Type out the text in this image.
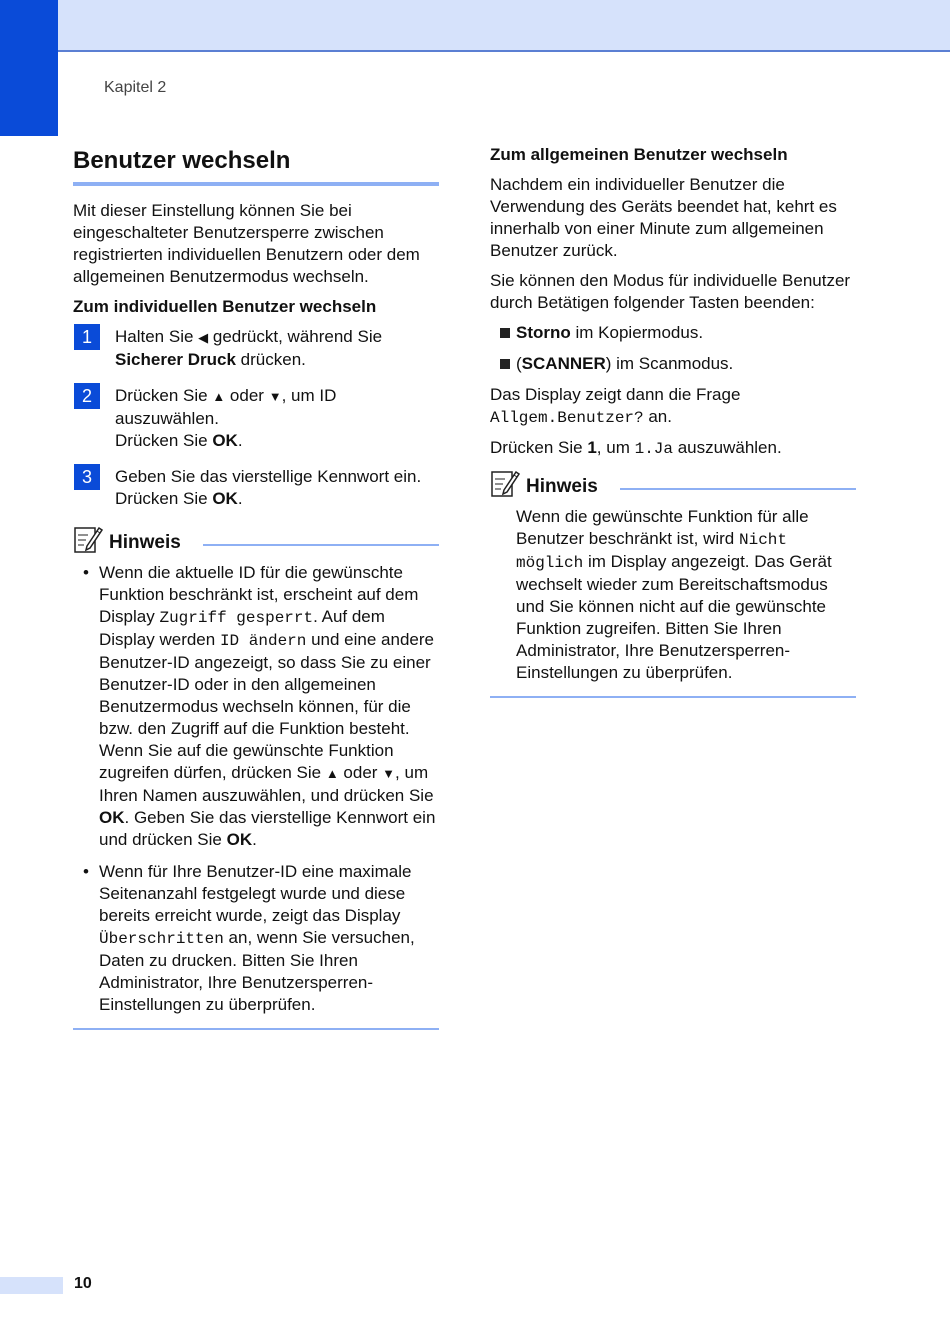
Kapitel 2
Benutzer wechseln

Mit dieser Einstellung können Sie bei eingeschalteter Benutzersperre zwischen registrierten individuellen Benutzern oder dem allgemeinen Benutzermodus wechseln.

Zum individuellen Benutzer wechseln
1	Halten Sie ◀ gedrückt, während Sie Sicherer Druck drücken.
2	Drücken Sie ▲ oder ▼, um ID auszuwählen.
Drücken Sie OK.
3	Geben Sie das vierstellige Kennwort ein.
Drücken Sie OK.
Hinweis
• Wenn die aktuelle ID für die gewünschte Funktion beschränkt ist, erscheint auf dem Display Zugriff gesperrt. Auf dem Display werden ID ändern und eine andere Benutzer-ID angezeigt, so dass Sie zu einer Benutzer-ID oder in den allgemeinen Benutzermodus wechseln können, für die bzw. den Zugriff auf die Funktion besteht. Wenn Sie auf die gewünschte Funktion zugreifen dürfen, drücken Sie ▲ oder ▼, um Ihren Namen auszuwählen, und drücken Sie OK. Geben Sie das vierstellige Kennwort ein und drücken Sie OK.
• Wenn für Ihre Benutzer-ID eine maximale Seitenanzahl festgelegt wurde und diese bereits erreicht wurde, zeigt das Display Überschritten an, wenn Sie versuchen, Daten zu drucken. Bitten Sie Ihren Administrator, Ihre Benutzersperren-Einstellungen zu überprüfen.
Zum allgemeinen Benutzer wechseln

Nachdem ein individueller Benutzer die Verwendung des Geräts beendet hat, kehrt es innerhalb von einer Minute zum allgemeinen Benutzer zurück.

Sie können den Modus für individuelle Benutzer durch Betätigen folgender Tasten beenden:

Storno im Kopiermodus.
(SCANNER) im Scanmodus.

Das Display zeigt dann die Frage Allgem.Benutzer? an.

Drücken Sie 1, um 1.Ja auszuwählen.

Hinweis

Wenn die gewünschte Funktion für alle Benutzer beschränkt ist, wird Nicht möglich im Display angezeigt. Das Gerät wechselt wieder zum Bereitschaftsmodus und Sie können nicht auf die gewünschte Funktion zugreifen. Bitten Sie Ihren Administrator, Ihre Benutzersperren-Einstellungen zu überprüfen.

10
